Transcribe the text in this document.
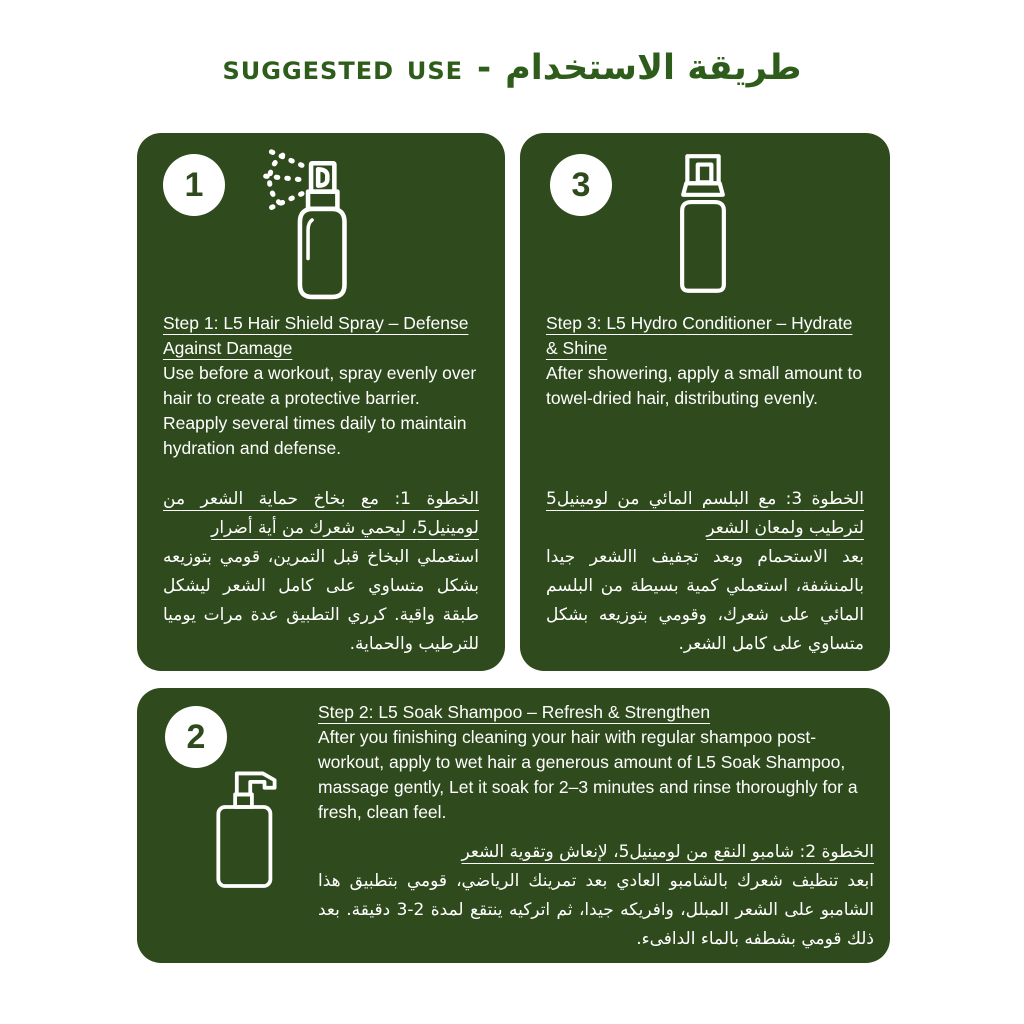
suggested use - طريقة الاستخدام
1
Step 1: L5 Hair Shield Spray – Defense Against Damage
Use before a workout, spray evenly over hair to create a protective barrier. Reapply several times daily to maintain hydration and defense.
الخطوة 1: مع بخاخ حماية الشعر من لومينيل5، ليحمي شعرك من أية أضرار
استعملي البخاخ قبل التمرين، قومي بتوزيعه بشكل متساوي على كامل الشعر ليشكل طبقة واقية. كرري التطبيق عدة مرات يوميا للترطيب والحماية.
3
Step 3: L5 Hydro Conditioner – Hydrate & Shine
After showering, apply a small amount to towel-dried hair, distributing evenly.
الخطوة 3: مع البلسم المائي من لومينيل5 لترطيب ولمعان الشعر
بعد الاستحمام وبعد تجفيف االشعر جيدا بالمنشفة، استعملي كمية بسيطة من البلسم المائي على شعرك، وقومي بتوزيعه بشكل متساوي على كامل الشعر.
2
Step 2: L5 Soak Shampoo – Refresh & Strengthen
After you finishing cleaning your hair with regular shampoo post-workout, apply to wet hair a generous amount of L5 Soak Shampoo, massage gently, Let it soak for 2–3 minutes and rinse thoroughly for a fresh, clean feel.
الخطوة 2: شامبو النقع من لومينيل5، لإنعاش وتقوية الشعر
ابعد تنظيف شعرك بالشامبو العادي بعد تمرينك الرياضي، قومي بتطبيق هذا الشامبو على الشعر المبلل، وافريكه جيدا، ثم اتركيه ينتقع لمدة 2-3 دقيقة. بعد ذلك قومي بشطفه بالماء الدافىء.
